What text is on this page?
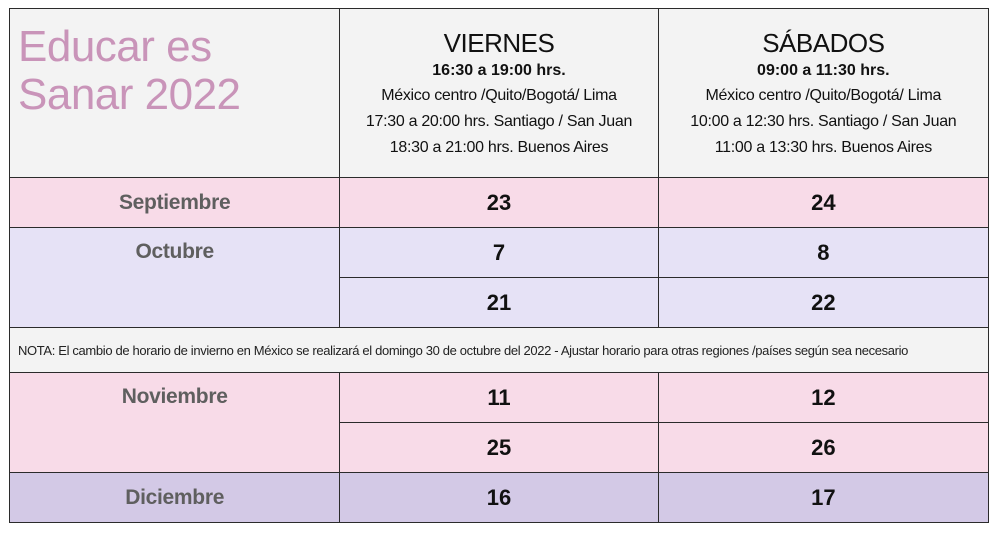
Educar es
Sanar 2022	VIERNES
16:30 a 19:00 hrs.
México centro /Quito/Bogotá/ Lima
17:30 a 20:00 hrs. Santiago / San Juan
18:30 a 21:00 hrs. Buenos Aires	SÁBADOS
09:00 a 11:30 hrs.
México centro /Quito/Bogotá/ Lima
10:00 a 12:30 hrs. Santiago / San Juan
11:00 a 13:30 hrs. Buenos Aires

Septiembre	23	24

Octubre	7	8

	21	22

NOTA: El cambio de horario de invierno en México se realizará el domingo 30 de octubre del 2022 - Ajustar horario para otras regiones /países según sea necesario		

Noviembre	11	12

	25	26

Diciembre	16	17
